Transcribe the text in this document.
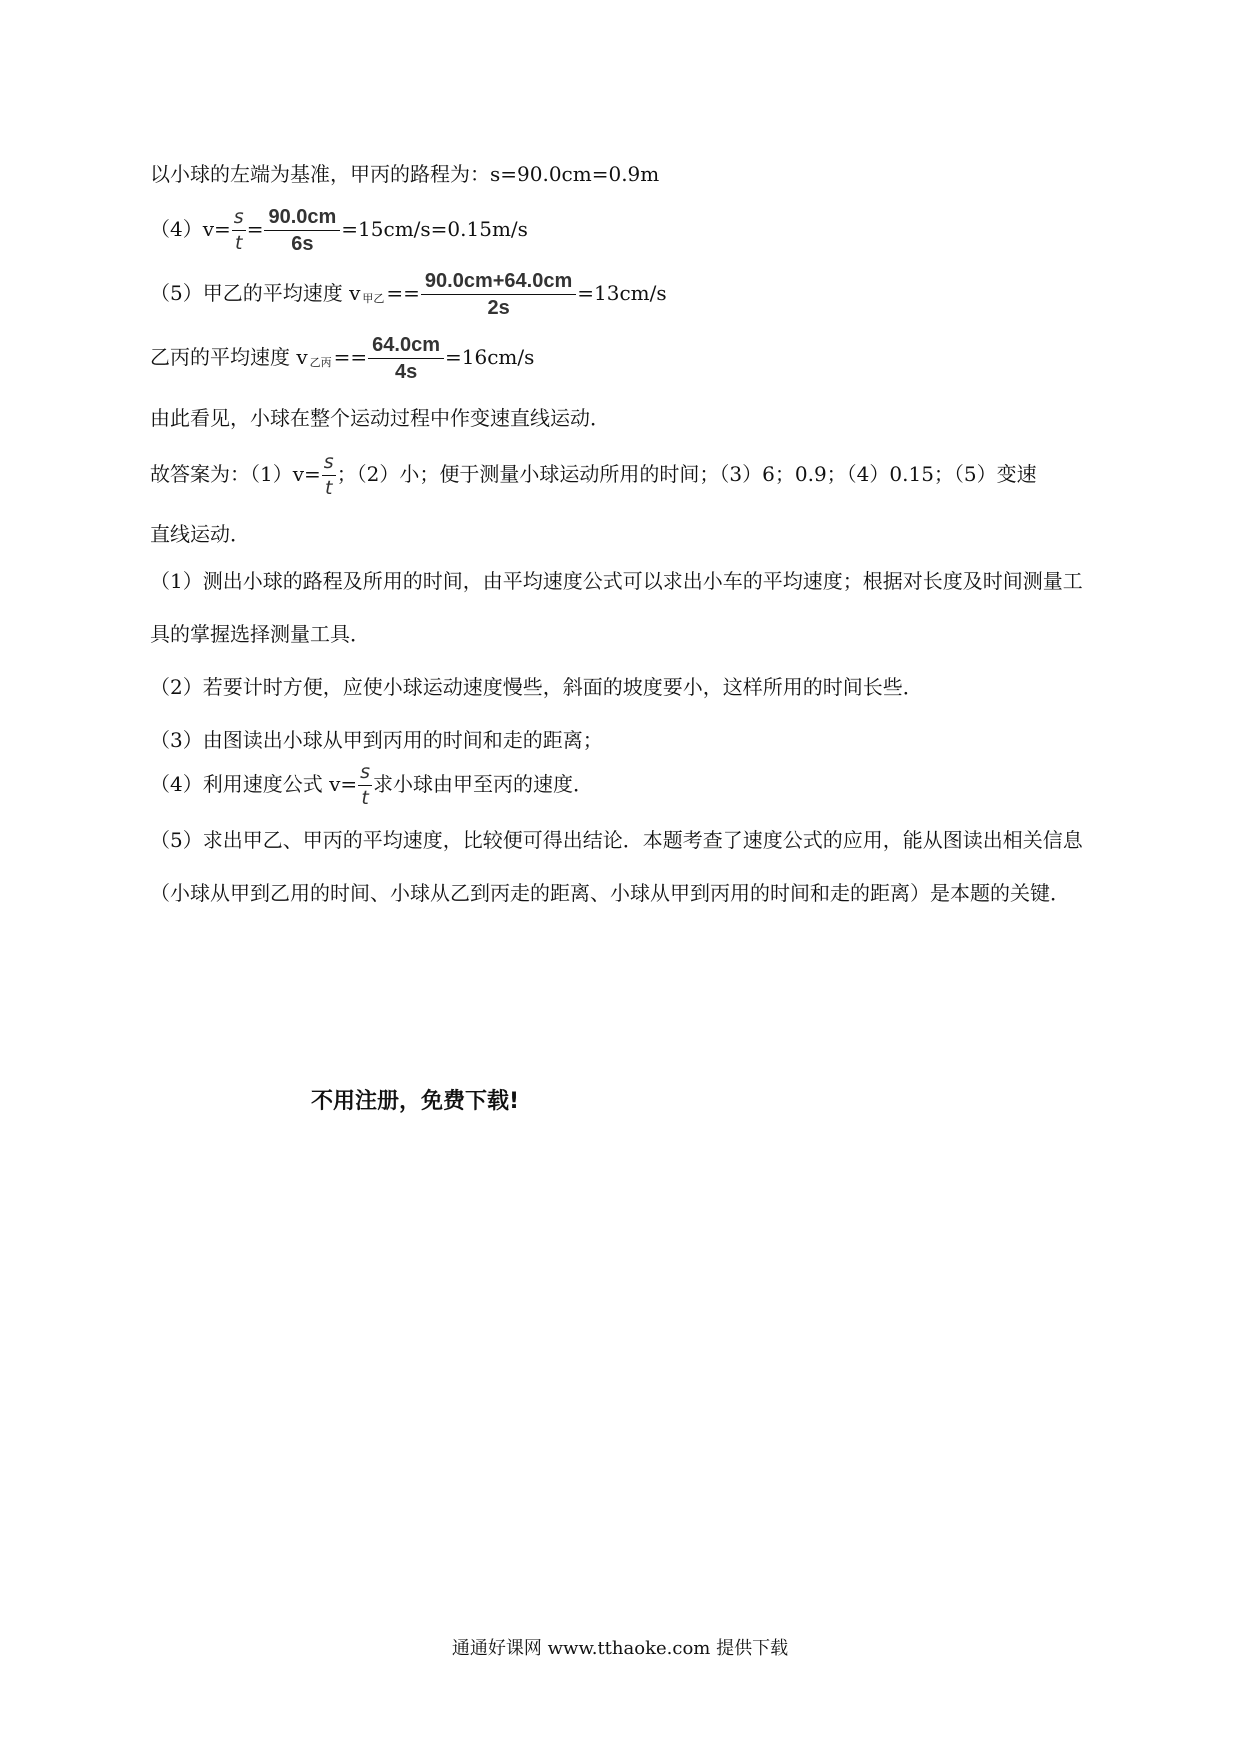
以小球的左端为基准，甲丙的路程为：s=90.0cm=0.9m
$(4)v= \frac{s}{t} = \frac{90.0cm}{6s} =15cm/s=0.15m/s$
（5）甲乙的平均速度 v 甲乙 == $\frac{90.0cm+64.0cm}{2s} =13cm/s$
乙丙的平均速度 v 乙丙 == $\frac{64.0cm}{4s} =16cm/s$
由此看见，小球在整个运动过程中作变速直线运动．
故答案为：$(1)v= \frac{s}{t}$ ；（2）小；便于测量小球运动所用的时间；（3）6；0.9；（4）0.15；（5）变速
直线运动．
（1）测出小球的路程及所用的时间，由平均速度公式可以求出小车的平均速度；根据对长度及时间测量工具的掌握选择测量工具．
（2）若要计时方便，应使小球运动速度慢些，斜面的坡度要小，这样所用的时间长些．
（3）由图读出小球从甲到丙用的时间和走的距离；
（4）利用速度公式 $v= \frac{s}{t}$ 求小球由甲至丙的速度．
（5）求出甲乙、甲丙的平均速度，比较便可得出结论．本题考查了速度公式的应用，能从图读出相关信息（小球从甲到乙用的时间、小球从乙到丙走的距离、小球从甲到丙用的时间和走的距离）是本题的关键．
不用注册，免费下载!
通通好课网 www.tthaoke.com 提供下载
